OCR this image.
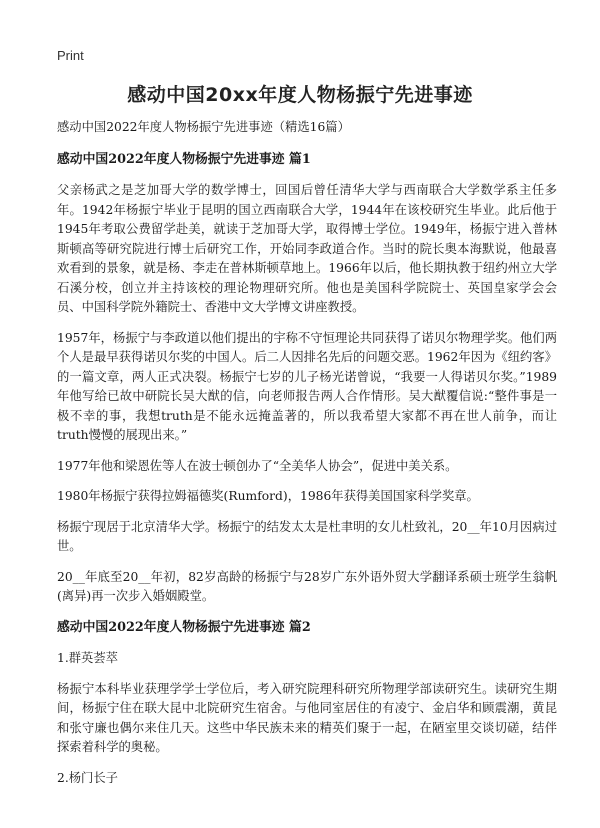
Print
感动中国20xx年度人物杨振宁先进事迹

感动中国2022年度人物杨振宁先进事迹（精选16篇）

感动中国2022年度人物杨振宁先进事迹 篇1

父亲杨武之是芝加哥大学的数学博士，回国后曾任清华大学与西南联合大学数学系主任多年。1942年杨振宁毕业于昆明的国立西南联合大学，1944年在该校研究生毕业。此后他于1945年考取公费留学赴美，就读于芝加哥大学，取得博士学位。1949年，杨振宁进入普林斯顿高等研究院进行博士后研究工作，开始同李政道合作。当时的院长奥本海默说，他最喜欢看到的景象，就是杨、李走在普林斯顿草地上。1966年以后，他长期执教于纽约州立大学石溪分校，创立并主持该校的理论物理研究所。他也是美国科学院院士、英国皇家学会会员、中国科学院外籍院士、香港中文大学博文讲座教授。

1957年，杨振宁与李政道以他们提出的宇称不守恒理论共同获得了诺贝尔物理学奖。他们两个人是最早获得诺贝尔奖的中国人。后二人因排名先后的问题交恶。1962年因为《纽约客》的一篇文章，两人正式决裂。杨振宁七岁的儿子杨光诺曾说，“我要一人得诺贝尔奖。”1989年他写给已故中研院长吴大猷的信，向老师报告两人合作情形。吴大猷覆信说:“整件事是一极不幸的事，我想truth是不能永远掩盖著的，所以我希望大家都不再在世人前争，而让truth慢慢的展现出来。”

1977年他和梁恩佐等人在波士顿创办了“全美华人协会”，促进中美关系。

1980年杨振宁获得拉姆福德奖(Rumford)，1986年获得美国国家科学奖章。

杨振宁现居于北京清华大学。杨振宁的结发太太是杜聿明的女儿杜致礼，20__年10月因病过世。

20__年底至20__年初，82岁高龄的杨振宁与28岁广东外语外贸大学翻译系硕士班学生翁帆(离异)再一次步入婚姻殿堂。

感动中国2022年度人物杨振宁先进事迹 篇2

1.群英荟萃

杨振宁本科毕业获理学学士学位后，考入研究院理科研究所物理学部读研究生。读研究生期间，杨振宁住在联大昆中北院研究生宿舍。与他同室居住的有凌宁、金启华和顾震潮，黄昆和张守廉也偶尔来住几天。这些中华民族未来的精英们聚于一起，在陋室里交谈切磋，结伴探索着科学的奥秘。

2.杨门长子
